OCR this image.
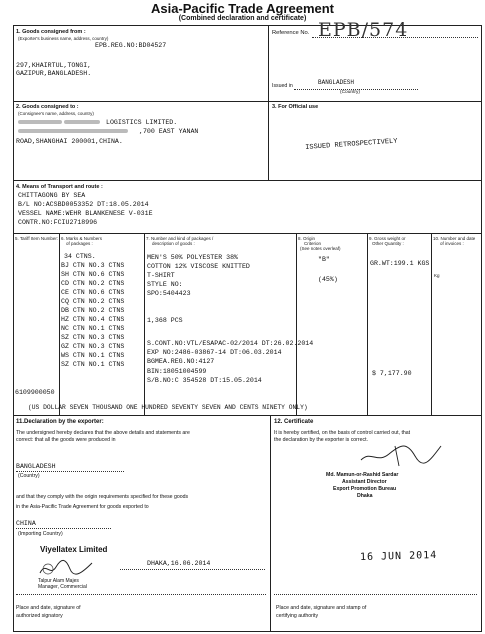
Asia-Pacific Trade Agreement
(Combined declaration and certificate)
1. Goods consigned from :
(Exporter's business name, address, country)
EPB.REG.NO:BD04527
297,KHAIRTUL,TONGI,
GAZIPUR,BANGLADESH.
Reference No. EPB/574
Issued in	BANGLADESH
(Country)
2. Goods consigned to :
(Consignee's name, address, country)
LOGISTICS LIMITED.
,700 EAST YANAN
ROAD,SHANGHAI 200001,CHINA.
3. For Official use
ISSUED RETROSPECTIVELY
4. Means of Transport and route :
CHITTAGONG BY SEA
B/L NO:ACSBD0053352 DT:18.05.2014
VESSEL NAME:WEHR BLANKENESE V-031E
CONTR.NO:FCIU2718996
5. Tariff Item Number: 6. Marks & Numbers
of packages :
7. Number and kind of packages /
description of goods :
8. Origin
Criterion
(See notes overleaf)
9. Gross weight or
Other Quantity :
10. Number and date
of invoices :
34 CTNS.
BJ CTN NO.3 CTNS
SH CTN NO.6 CTNS
CD CTN NO.2 CTNS
CE CTN NO.6 CTNS
CQ CTN NO.2 CTNS
DB CTN NO.2 CTNS
HZ CTN NO.4 CTNS
NC CTN NO.1 CTNS
SZ CTN NO.3 CTNS
GZ CTN NO.3 CTNS
WS CTN NO.1 CTNS
SZ CTN NO.1 CTNS
MEN'S 50% POLYESTER 38%
COTTON 12% VISCOSE KNITTED
T-SHIRT
STYLE NO:
SPO:5404423
1,368 PCS
S.CONT.NO:VTL/ESAPAC-02/2014 DT:26.02.2014
EXP NO:2486-03867-14 DT:06.03.2014
BGMEA.REG.NO:4127
BIN:18051004599
S/B.NO:C 354528 DT:15.05.2014
"B"
(45%)
GR.WT:199.1 KGS
Kg
$ 7,177.90
6109900050
(US DOLLAR SEVEN THOUSAND ONE HUNDRED SEVENTY SEVEN AND CENTS NINETY ONLY)
11.Declaration by the exporter:
The undersigned hereby declares that the above details and statements are
correct: that all the goods were produced in
BANGLADESH
(Country)
and that they comply with the origin requirements specified for these goods
in the Asia-Pacific Trade Agreement for goods exported to
CHINA
(Importing Country)
Viyellatex Limited
DHAKA,16.06.2014
Talpur Alam Majes
Manager, Commercial
Place and date, signature of
authorized signatory
12. Certificate
It is hereby certified, on the basis of control carried out, that
the declaration by the exporter is correct.
Md. Mamun-or-Rashid Sardar
Assistant Director
Export Promotion Bureau
Dhaka
16 JUN 2014
Place and date, signature and stamp of
certifying authority
